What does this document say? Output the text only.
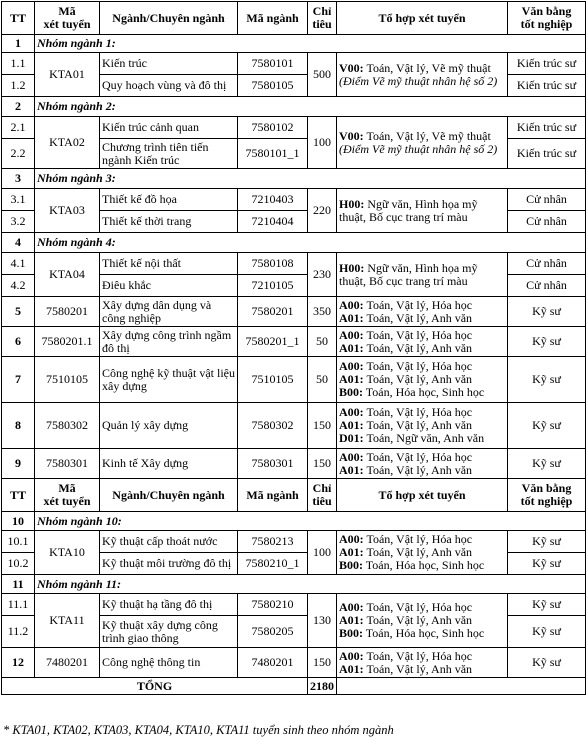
TT	Mã
xét tuyển	Ngành/Chuyên ngành	Mã ngành	Chỉ
tiêu	Tổ hợp xét tuyển	Văn bằng
tốt nghiệp
1	Nhóm ngành 1:					
1.1	KTA01	Kiến trúc	7580101	500	V00: Toán, Vật lý, Vẽ mỹ thuật
(Điểm Vẽ mỹ thuật nhân hệ số 2)	Kiến trúc sư
1.2		Quy hoạch vùng và đô thị	7580105			Kiến trúc sư
2	Nhóm ngành 2:					
2.1	KTA02	Kiến trúc cảnh quan	7580102	100	V00: Toán, Vật lý, Vẽ mỹ thuật
(Điểm Vẽ mỹ thuật nhân hệ số 2)	Kiến trúc sư
2.2		Chương trình tiên tiến ngành Kiến trúc	7580101_1			Kiến trúc sư
3	Nhóm ngành 3:					
3.1	KTA03	Thiết kế đồ họa	7210403	220	H00: Ngữ văn, Hình họa mỹ thuật, Bố cục trang trí màu	Cử nhân
3.2		Thiết kế thời trang	7210404			Cử nhân
4	Nhóm ngành 4:					
4.1	KTA04	Thiết kế nội thất	7580108	230	H00: Ngữ văn, Hình họa mỹ thuật, Bố cục trang trí màu	Cử nhân
4.2		Điêu khắc	7210105			Cử nhân
5	7580201	Xây dựng dân dụng và công nghiệp	7580201	350	A00: Toán, Vật lý, Hóa học
A01: Toán, Vật lý, Anh văn	Kỹ sư
6	7580201.1	Xây dựng công trình ngầm đô thị	7580201_1	50	A00: Toán, Vật lý, Hóa học
A01: Toán, Vật lý, Anh văn	Kỹ sư
7	7510105	Công nghệ kỹ thuật vật liệu xây dựng	7510105	50	A00: Toán, Vật lý, Hóa học
A01: Toán, Vật lý, Anh văn
B00: Toán, Hóa học, Sinh học	Kỹ sư
8	7580302	Quản lý xây dựng	7580302	150	A00: Toán, Vật lý, Hóa học
A01: Toán, Vật lý, Anh văn
D01: Toán, Ngữ văn, Anh văn	Kỹ sư
9	7580301	Kinh tế Xây dựng	7580301	150	A00: Toán, Vật lý, Hóa học
A01: Toán, Vật lý, Anh văn	Kỹ sư
TT	Mã
xét tuyển	Ngành/Chuyên ngành	Mã ngành	Chỉ
tiêu	Tổ hợp xét tuyển	Văn bằng
tốt nghiệp
10	Nhóm ngành 10:					
10.1	KTA10	Kỹ thuật cấp thoát nước	7580213	100	A00: Toán, Vật lý, Hóa học
A01: Toán, Vật lý, Anh văn
B00: Toán, Hóa học, Sinh học	Kỹ sư
10.2		Kỹ thuật môi trường đô thị	7580210_1			Kỹ sư
11	Nhóm ngành 11:					
11.1	KTA11	Kỹ thuật hạ tầng đô thị	7580210	130	A00: Toán, Vật lý, Hóa học
A01: Toán, Vật lý, Anh văn
B00: Toán, Hóa học, Sinh học	Kỹ sư
11.2		Kỹ thuật xây dựng công trình giao thông	7580205			Kỹ sư
12	7480201	Công nghệ thông tin	7480201	150	A00: Toán, Vật lý, Hóa học
A01: Toán, Vật lý, Anh văn	Kỹ sư
TỔNG				2180		
* KTA01, KTA02, KTA03, KTA04, KTA10, KTA11 tuyển sinh theo nhóm ngành
